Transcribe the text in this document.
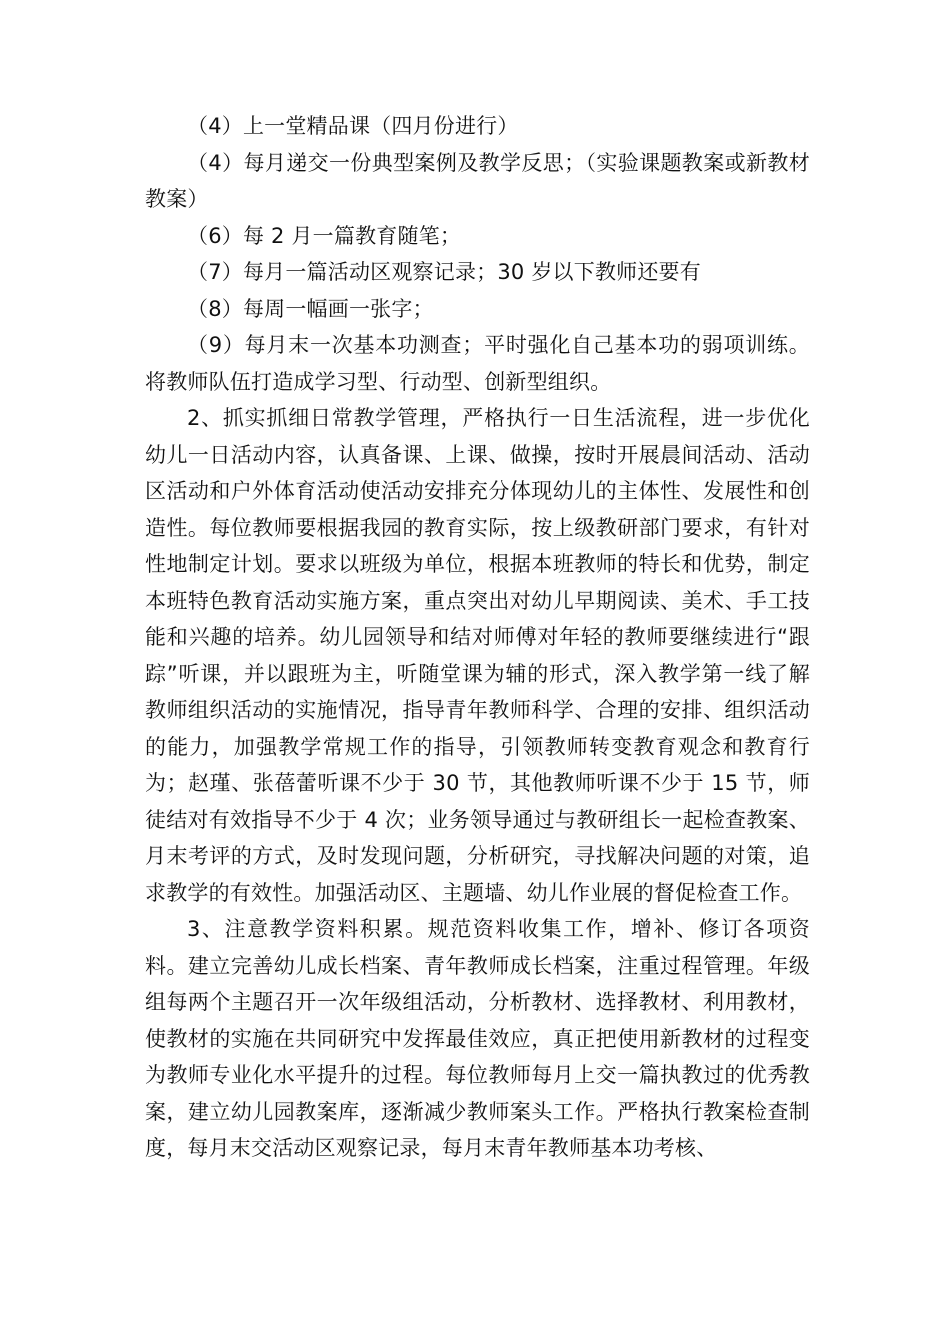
（4）上一堂精品课（四月份进行）

（4）每月递交一份典型案例及教学反思；（实验课题教案或新教材教案）

（6）每 2 月一篇教育随笔；

（7）每月一篇活动区观察记录；30 岁以下教师还要有

（8）每周一幅画一张字；

（9）每月末一次基本功测查；平时强化自己基本功的弱项训练。将教师队伍打造成学习型、行动型、创新型组织。

2、抓实抓细日常教学管理，严格执行一日生活流程，进一步优化幼儿一日活动内容，认真备课、上课、做操，按时开展晨间活动、活动区活动和户外体育活动使活动安排充分体现幼儿的主体性、发展性和创造性。每位教师要根据我园的教育实际，按上级教研部门要求，有针对性地制定计划。要求以班级为单位，根据本班教师的特长和优势，制定本班特色教育活动实施方案，重点突出对幼儿早期阅读、美术、手工技能和兴趣的培养。幼儿园领导和结对师傅对年轻的教师要继续进行“跟踪”听课，并以跟班为主，听随堂课为辅的形式，深入教学第一线了解教师组织活动的实施情况，指导青年教师科学、合理的安排、组织活动的能力，加强教学常规工作的指导，引领教师转变教育观念和教育行为；赵瑾、张蓓蕾听课不少于 30 节，其他教师听课不少于 15 节，师徒结对有效指导不少于 4 次；业务领导通过与教研组长一起检查教案、月末考评的方式，及时发现问题，分析研究，寻找解决问题的对策，追求教学的有效性。加强活动区、主题墙、幼儿作业展的督促检查工作。

3、注意教学资料积累。规范资料收集工作，增补、修订各项资料。建立完善幼儿成长档案、青年教师成长档案，注重过程管理。年级组每两个主题召开一次年级组活动，分析教材、选择教材、利用教材，使教材的实施在共同研究中发挥最佳效应，真正把使用新教材的过程变为教师专业化水平提升的过程。每位教师每月上交一篇执教过的优秀教案，建立幼儿园教案库，逐渐减少教师案头工作。严格执行教案检查制度，每月末交活动区观察记录，每月末青年教师基本功考核、
